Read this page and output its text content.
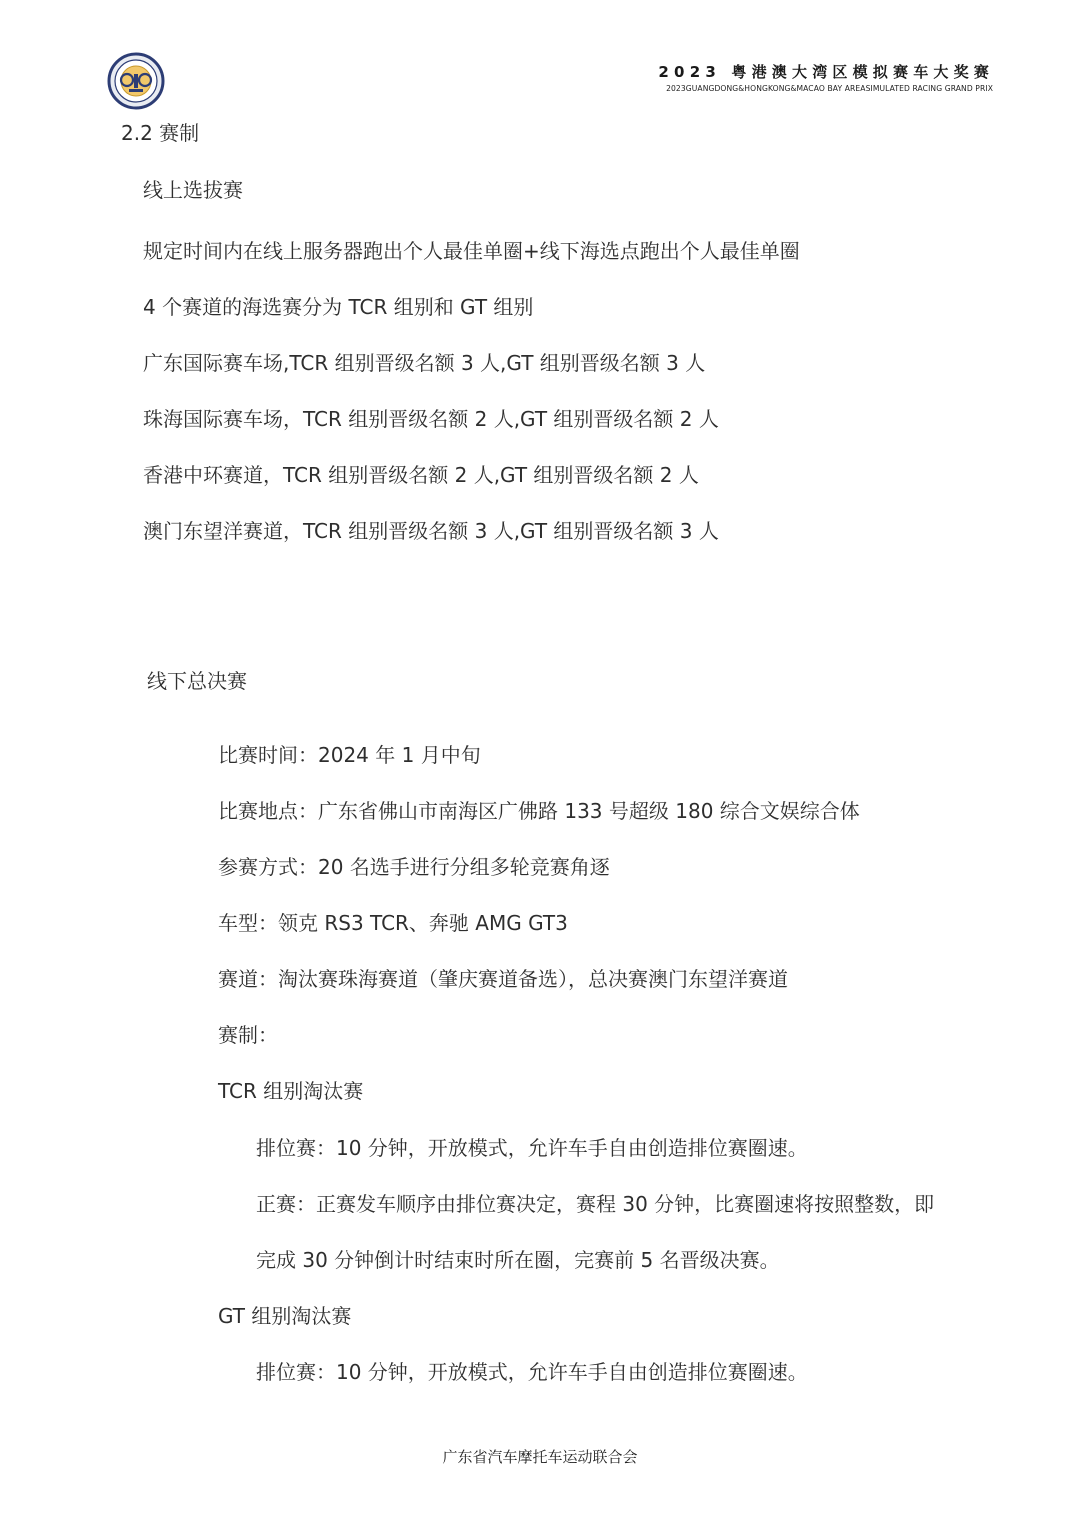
2023 粤港澳大湾区模拟赛车大奖赛
2023GUANGDONG&HONGKONG&MACAO BAY AREASIMULATED RACING GRAND PRIX
2.2 赛制
线上选拔赛
规定时间内在线上服务器跑出个人最佳单圈+线下海选点跑出个人最佳单圈
4 个赛道的海选赛分为 TCR 组别和 GT 组别
广东国际赛车场,TCR 组别晋级名额 3 人,GT 组别晋级名额 3 人
珠海国际赛车场，TCR 组别晋级名额 2 人,GT 组别晋级名额 2 人
香港中环赛道，TCR 组别晋级名额 2 人,GT 组别晋级名额 2 人
澳门东望洋赛道，TCR 组别晋级名额 3 人,GT 组别晋级名额 3 人
线下总决赛
比赛时间：2024 年 1 月中旬
比赛地点：广东省佛山市南海区广佛路 133 号超级 180 综合文娱综合体
参赛方式：20 名选手进行分组多轮竞赛角逐
车型：领克 RS3 TCR、奔驰 AMG GT3
赛道：淘汰赛珠海赛道（肇庆赛道备选），总决赛澳门东望洋赛道
赛制：
TCR 组别淘汰赛
排位赛：10 分钟，开放模式，允许车手自由创造排位赛圈速。
正赛：正赛发车顺序由排位赛决定，赛程 30 分钟，比赛圈速将按照整数，即
完成 30 分钟倒计时结束时所在圈，完赛前 5 名晋级决赛。
GT 组别淘汰赛
排位赛：10 分钟，开放模式，允许车手自由创造排位赛圈速。
广东省汽车摩托车运动联合会
